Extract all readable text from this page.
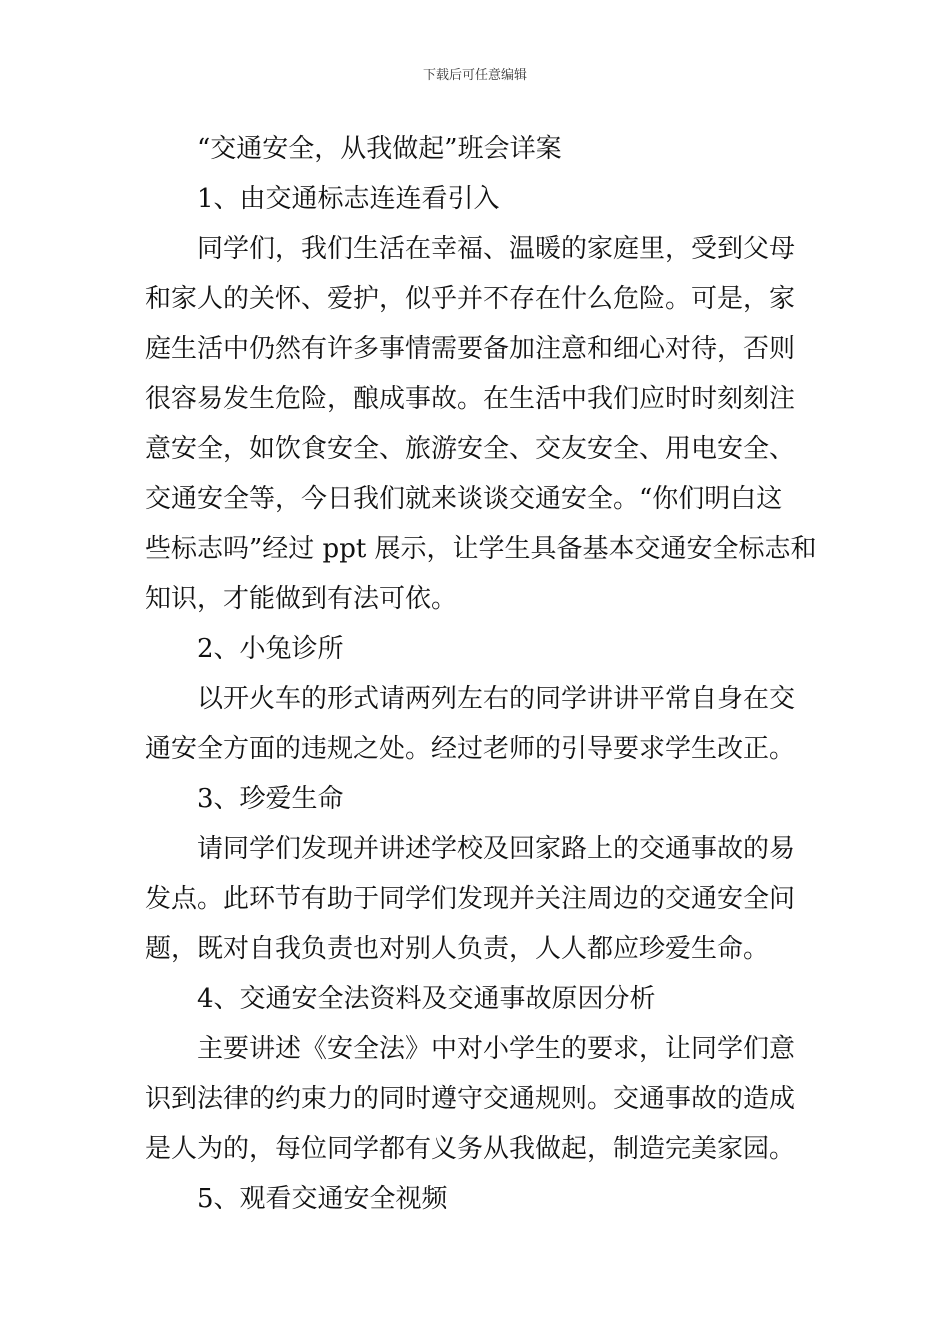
下载后可任意编辑

“交通安全，从我做起”班会详案

1、由交通标志连连看引入

同学们，我们生活在幸福、温暖的家庭里，受到父母

和家人的关怀、爱护，似乎并不存在什么危险。可是，家

庭生活中仍然有许多事情需要备加注意和细心对待，否则

很容易发生危险，酿成事故。在生活中我们应时时刻刻注

意安全，如饮食安全、旅游安全、交友安全、用电安全、

交通安全等，今日我们就来谈谈交通安全。“你们明白这

些标志吗”经过 ppt 展示，让学生具备基本交通安全标志和

知识，才能做到有法可依。

2、小兔诊所

以开火车的形式请两列左右的同学讲讲平常自身在交

通安全方面的违规之处。经过老师的引导要求学生改正。

3、珍爱生命

请同学们发现并讲述学校及回家路上的交通事故的易

发点。此环节有助于同学们发现并关注周边的交通安全问

题，既对自我负责也对别人负责，人人都应珍爱生命。

4、交通安全法资料及交通事故原因分析

主要讲述《安全法》中对小学生的要求，让同学们意

识到法律的约束力的同时遵守交通规则。交通事故的造成

是人为的，每位同学都有义务从我做起，制造完美家园。

5、观看交通安全视频
